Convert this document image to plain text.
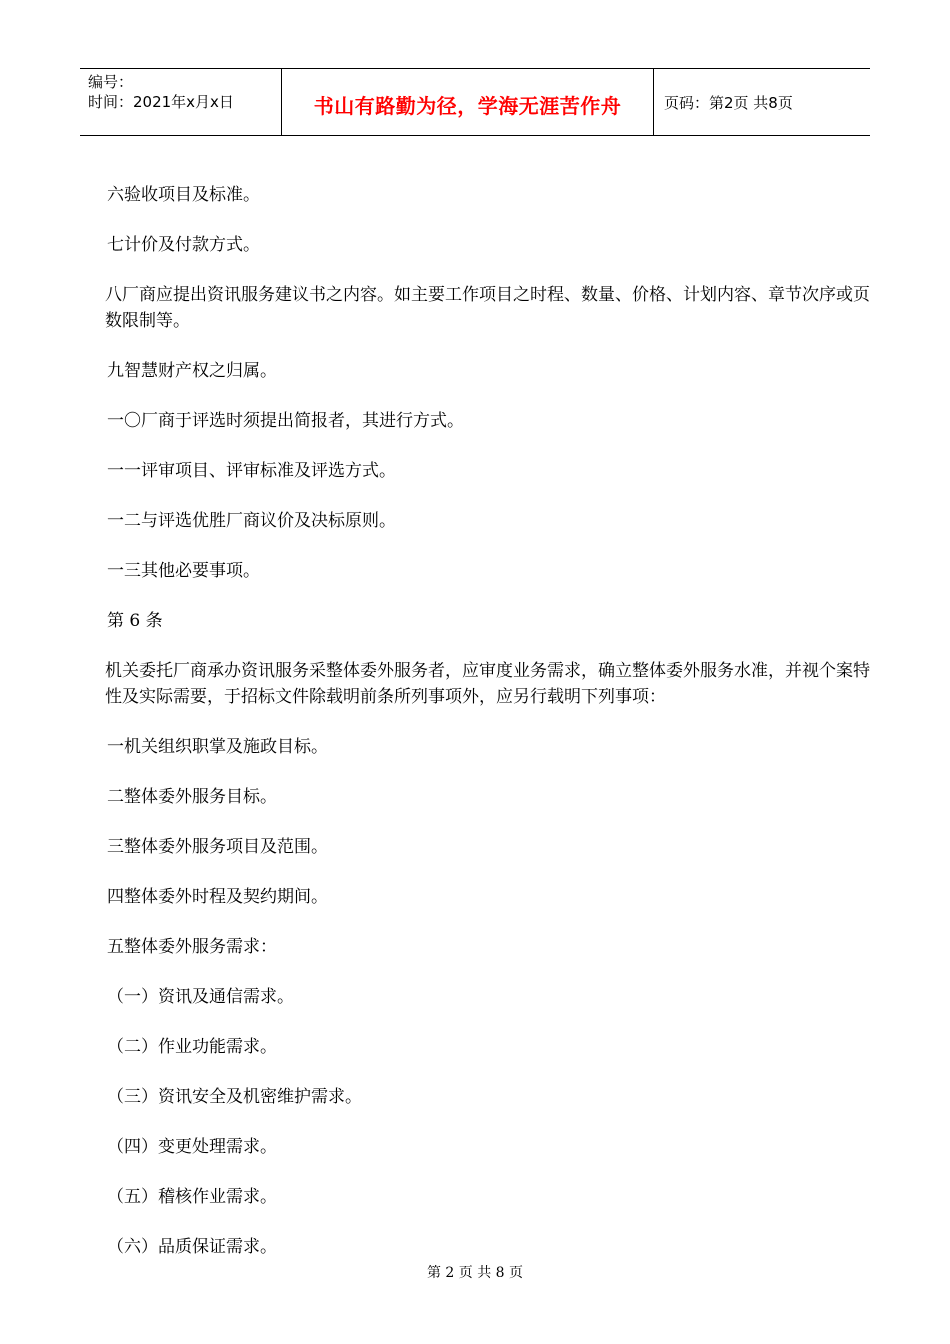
编号：
时间：2021年x月x日	书山有路勤为径，学海无涯苦作舟	页码：第2页 共8页

六验收项目及标准。

七计价及付款方式。

八厂商应提出资讯服务建议书之内容。如主要工作项目之时程、数量、价格、计划内容、章节次序或页数限制等。

九智慧财产权之归属。

一〇厂商于评选时须提出简报者，其进行方式。

一一评审项目、评审标准及评选方式。

一二与评选优胜厂商议价及决标原则。

一三其他必要事项。

第 6 条

机关委托厂商承办资讯服务采整体委外服务者，应审度业务需求，确立整体委外服务水准，并视个案特性及实际需要，于招标文件除载明前条所列事项外，应另行载明下列事项：

一机关组织职掌及施政目标。

二整体委外服务目标。

三整体委外服务项目及范围。

四整体委外时程及契约期间。

五整体委外服务需求：

（一）资讯及通信需求。

（二）作业功能需求。

（三）资讯安全及机密维护需求。

（四）变更处理需求。

（五）稽核作业需求。

（六）品质保证需求。

第 2 页 共 8 页
